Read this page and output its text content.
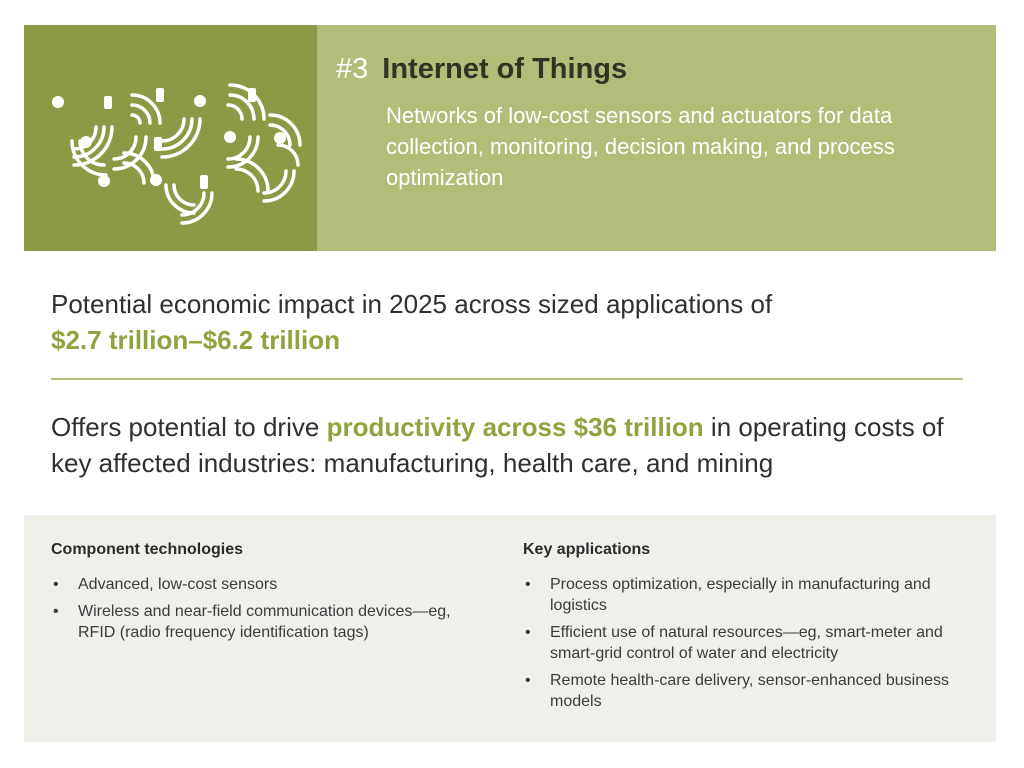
#3 Internet of Things
Networks of low-cost sensors and actuators for data collection, monitoring, decision making, and process optimization
Potential economic impact in 2025 across sized applications of
$2.7 trillion–$6.2 trillion
Offers potential to drive productivity across $36 trillion in operating costs of key affected industries: manufacturing, health care, and mining
Component technologies
• Advanced, low-cost sensors
• Wireless and near-field communication devices—eg, RFID (radio frequency identification tags)
Key applications
• Process optimization, especially in manufacturing and logistics
• Efficient use of natural resources—eg, smart-meter and smart-grid control of water and electricity
• Remote health-care delivery, sensor-enhanced business models
